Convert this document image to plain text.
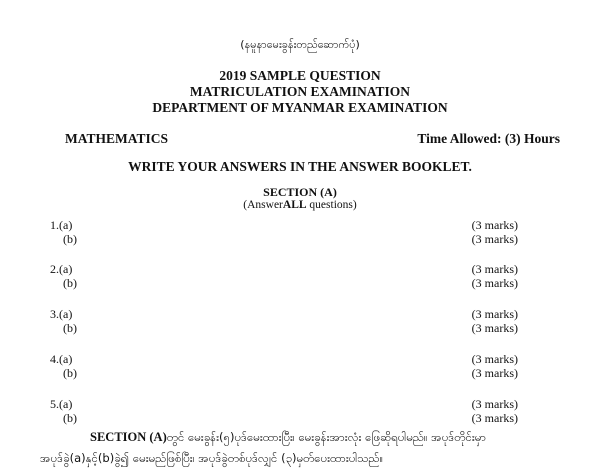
(နမူနာမေးခွန်းတည်ဆောက်ပုံ)
2019 SAMPLE QUESTION
MATRICULATION EXAMINATION
DEPARTMENT OF MYANMAR EXAMINATION
MATHEMATICS	Time Allowed: (3) Hours
WRITE YOUR ANSWERS IN THE ANSWER BOOKLET.
SECTION (A)
(AnswerALL questions)
1.(a)
(b)
(3 marks)
(3 marks)
2.(a)
(b)
(3 marks)
(3 marks)
3.(a)
(b)
(3 marks)
(3 marks)
4.(a)
(b)
(3 marks)
(3 marks)
5.(a)
(b)
(3 marks)
(3 marks)
SECTION (A)တွင် မေးခွန်း(၅)ပုဒ်မေးထားပြီး၊ မေးခွန်းအားလုံး ဖြေဆိုရပါမည်။ အပုဒ်တိုင်းမှာ
အပုဒ်ခွဲ(a)နှင့်(b)ခွဲ၍ မေးမည်ဖြစ်ပြီး၊ အပုဒ်ခွဲတစ်ပုဒ်လျှင် (၃)မှတ်ပေးထားပါသည်။
